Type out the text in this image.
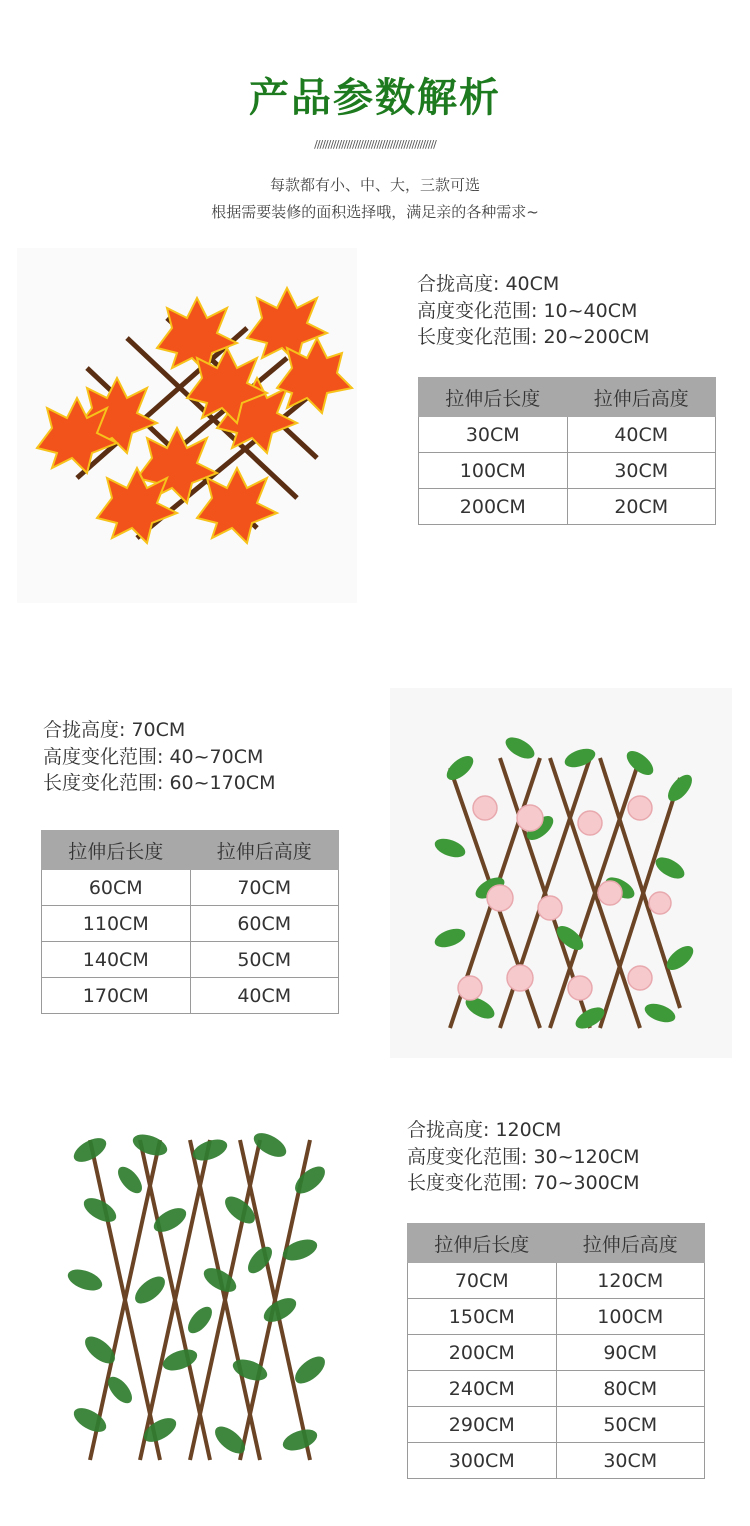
产品参数解析
/////////////////////////////////////////////
每款都有小、中、大，三款可选
根据需要装修的面积选择哦，满足亲的各种需求~
合拢高度: 40CM
高度变化范围: 10~40CM
长度变化范围: 20~200CM
拉伸后长度	拉伸后高度
30CM	40CM
100CM	30CM
200CM	20CM
合拢高度: 70CM
高度变化范围: 40~70CM
长度变化范围: 60~170CM
拉伸后长度	拉伸后高度
60CM	70CM
110CM	60CM
140CM	50CM
170CM	40CM
合拢高度: 120CM
高度变化范围: 30~120CM
长度变化范围: 70~300CM
拉伸后长度	拉伸后高度
70CM	120CM
150CM	100CM
200CM	90CM
240CM	80CM
290CM	50CM
300CM	30CM
